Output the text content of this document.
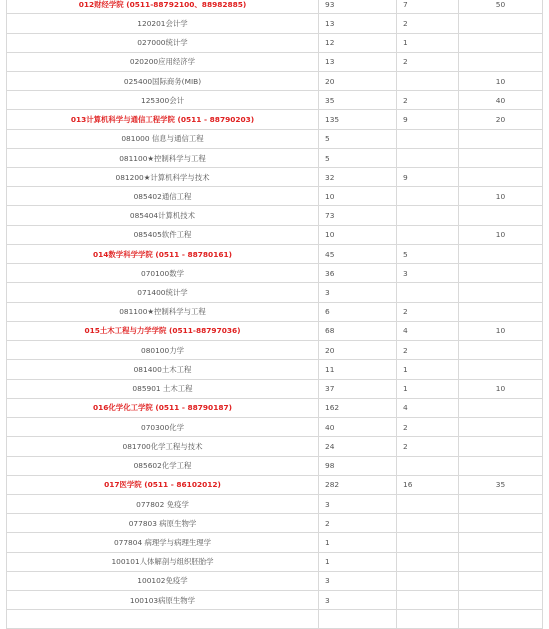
012财经学院 (0511-88792100、88982885)	93	7	50
120201会计学	13	2	
027000统计学	12	1	
020200应用经济学	13	2	
025400国际商务(MIB)	20		10
125300会计	35	2	40
013计算机科学与通信工程学院 (0511 - 88790203)	135	9	20
081000 信息与通信工程	5		
081100★控制科学与工程	5		
081200★计算机科学与技术	32	9	
085402通信工程	10		10
085404计算机技术	73		
085405软件工程	10		10
014数学科学学院 (0511 - 88780161)	45	5	
070100数学	36	3	
071400统计学	3		
081100★控制科学与工程	6	2	
015土木工程与力学学院 (0511-88797036)	68	4	10
080100力学	20	2	
081400土木工程	11	1	
085901 土木工程	37	1	10
016化学化工学院 (0511 - 88790187)	162	4	
070300化学	40	2	
081700化学工程与技术	24	2	
085602化学工程	98		
017医学院 (0511 - 86102012)	282	16	35
077802 免疫学	3		
077803 病原生物学	2		
077804 病理学与病理生理学	1		
100101人体解剖与组织胚胎学	1		
100102免疫学	3		
100103病原生物学	3		
